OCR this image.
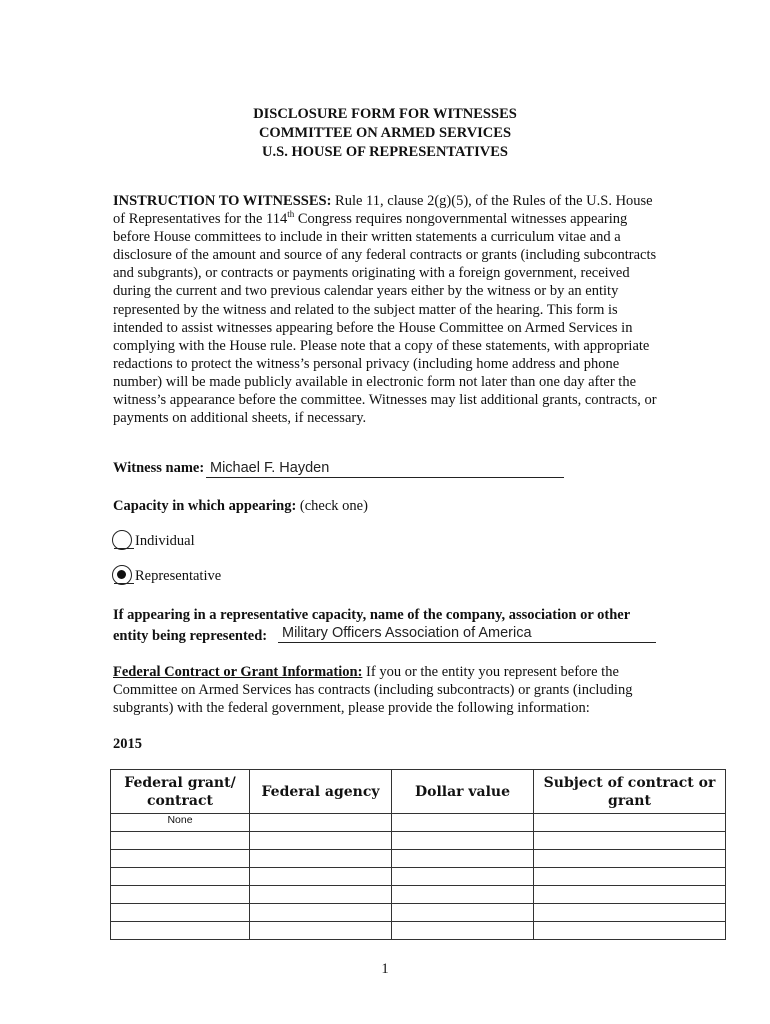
DISCLOSURE FORM FOR WITNESSES
COMMITTEE ON ARMED SERVICES
U.S. HOUSE OF REPRESENTATIVES
INSTRUCTION TO WITNESSES: Rule 11, clause 2(g)(5), of the Rules of the U.S. House of Representatives for the 114th Congress requires nongovernmental witnesses appearing before House committees to include in their written statements a curriculum vitae and a disclosure of the amount and source of any federal contracts or grants (including subcontracts and subgrants), or contracts or payments originating with a foreign government, received during the current and two previous calendar years either by the witness or by an entity represented by the witness and related to the subject matter of the hearing. This form is intended to assist witnesses appearing before the House Committee on Armed Services in complying with the House rule. Please note that a copy of these statements, with appropriate redactions to protect the witness’s personal privacy (including home address and phone number) will be made publicly available in electronic form not later than one day after the witness’s appearance before the committee. Witnesses may list additional grants, contracts, or payments on additional sheets, if necessary.
Witness name: Michael F. Hayden
Capacity in which appearing: (check one)
Individual
Representative
If appearing in a representative capacity, name of the company, association or other
entity being represented:	Military Officers Association of America
Federal Contract or Grant Information: If you or the entity you represent before the Committee on Armed Services has contracts (including subcontracts) or grants (including subgrants) with the federal government, please provide the following information:
2015
Federal grant/ contract	Federal agency	Dollar value	Subject of contract or grant
None			

1
